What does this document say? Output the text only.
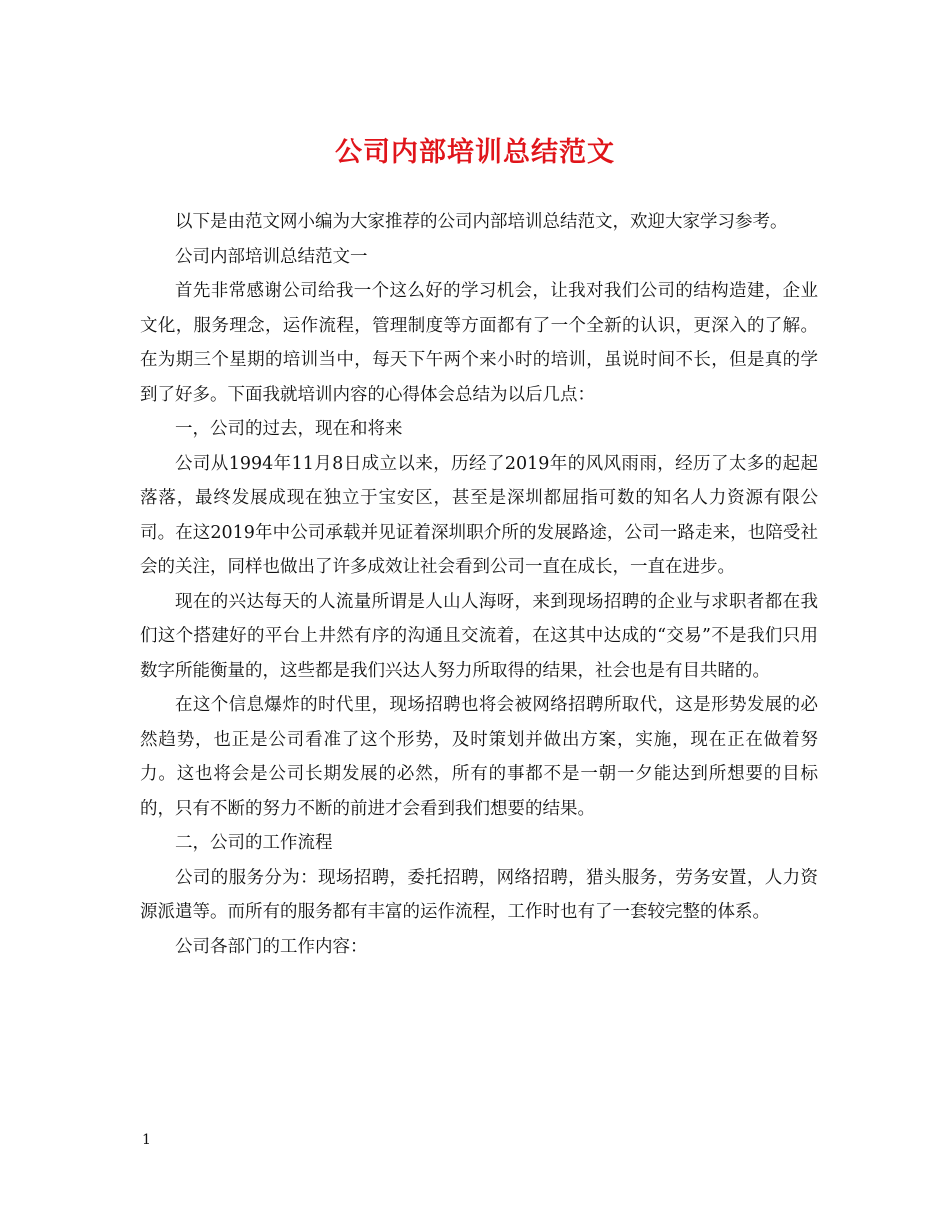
公司内部培训总结范文

以下是由范文网小编为大家推荐的公司内部培训总结范文，欢迎大家学习参考。

公司内部培训总结范文一

首先非常感谢公司给我一个这么好的学习机会，让我对我们公司的结构造建，企业文化，服务理念，运作流程，管理制度等方面都有了一个全新的认识，更深入的了解。在为期三个星期的培训当中，每天下午两个来小时的培训，虽说时间不长，但是真的学到了好多。下面我就培训内容的心得体会总结为以后几点：

一，公司的过去，现在和将来

公司从1994年11月8日成立以来，历经了2019年的风风雨雨，经历了太多的起起落落，最终发展成现在独立于宝安区，甚至是深圳都屈指可数的知名人力资源有限公司。在这2019年中公司承载并见证着深圳职介所的发展路途，公司一路走来，也陪受社会的关注，同样也做出了许多成效让社会看到公司一直在成长，一直在进步。

现在的兴达每天的人流量所谓是人山人海呀，来到现场招聘的企业与求职者都在我们这个搭建好的平台上井然有序的沟通且交流着，在这其中达成的“交易”不是我们只用数字所能衡量的，这些都是我们兴达人努力所取得的结果，社会也是有目共睹的。

在这个信息爆炸的时代里，现场招聘也将会被网络招聘所取代，这是形势发展的必然趋势，也正是公司看准了这个形势，及时策划并做出方案，实施，现在正在做着努力。这也将会是公司长期发展的必然，所有的事都不是一朝一夕能达到所想要的目标的，只有不断的努力不断的前进才会看到我们想要的结果。

二，公司的工作流程

公司的服务分为：现场招聘，委托招聘，网络招聘，猎头服务，劳务安置，人力资源派遣等。而所有的服务都有丰富的运作流程，工作时也有了一套较完整的体系。

公司各部门的工作内容：

1
